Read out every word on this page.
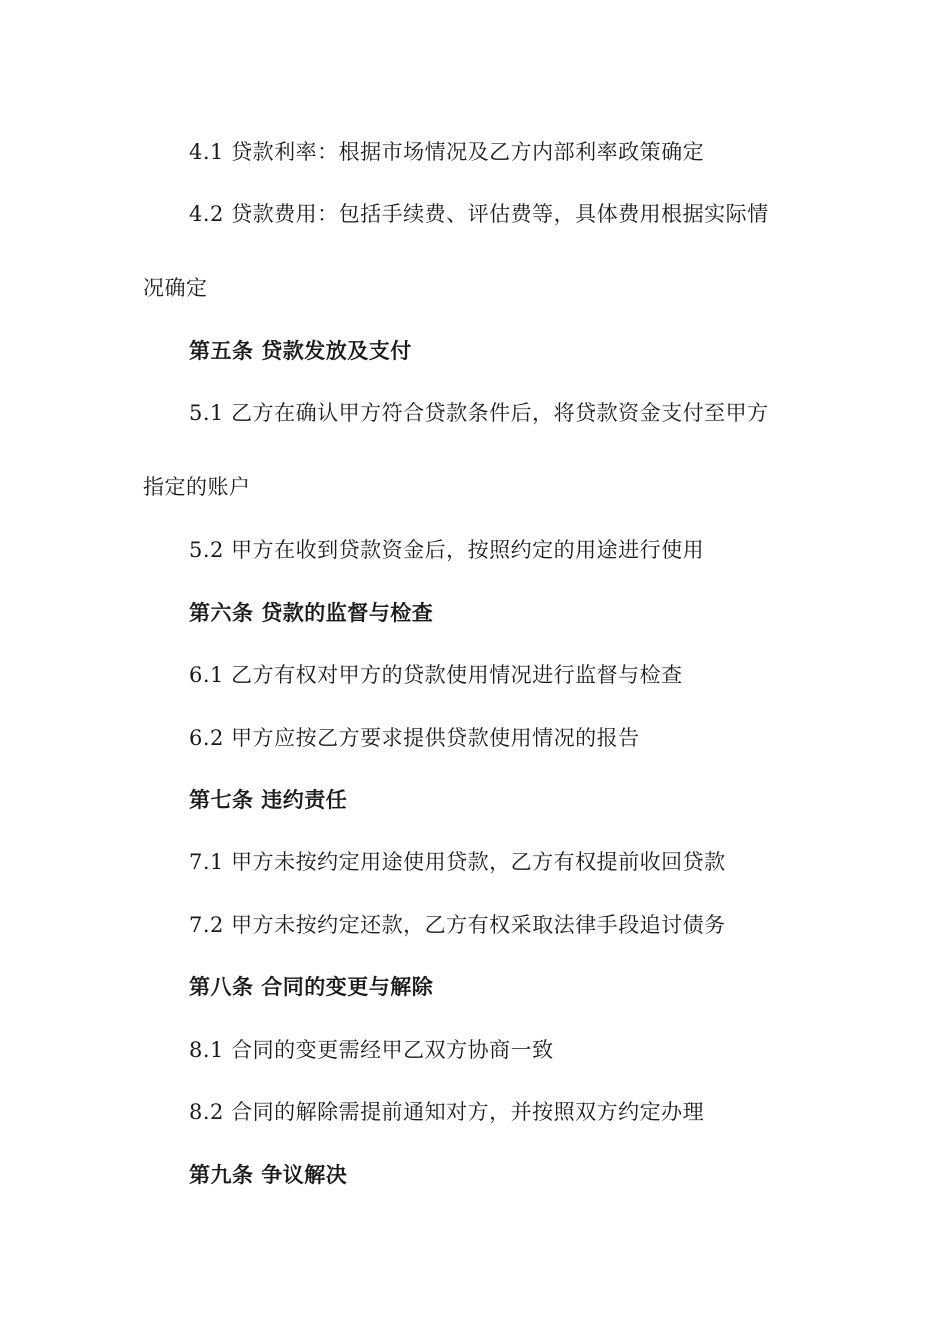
4.1 贷款利率：根据市场情况及乙方内部利率政策确定
4.2 贷款费用：包括手续费、评估费等，具体费用根据实际情
况确定
第五条 贷款发放及支付
5.1 乙方在确认甲方符合贷款条件后，将贷款资金支付至甲方
指定的账户
5.2 甲方在收到贷款资金后，按照约定的用途进行使用
第六条 贷款的监督与检查
6.1 乙方有权对甲方的贷款使用情况进行监督与检查
6.2 甲方应按乙方要求提供贷款使用情况的报告
第七条 违约责任
7.1 甲方未按约定用途使用贷款，乙方有权提前收回贷款
7.2 甲方未按约定还款，乙方有权采取法律手段追讨债务
第八条 合同的变更与解除
8.1 合同的变更需经甲乙双方协商一致
8.2 合同的解除需提前通知对方，并按照双方约定办理
第九条 争议解决
